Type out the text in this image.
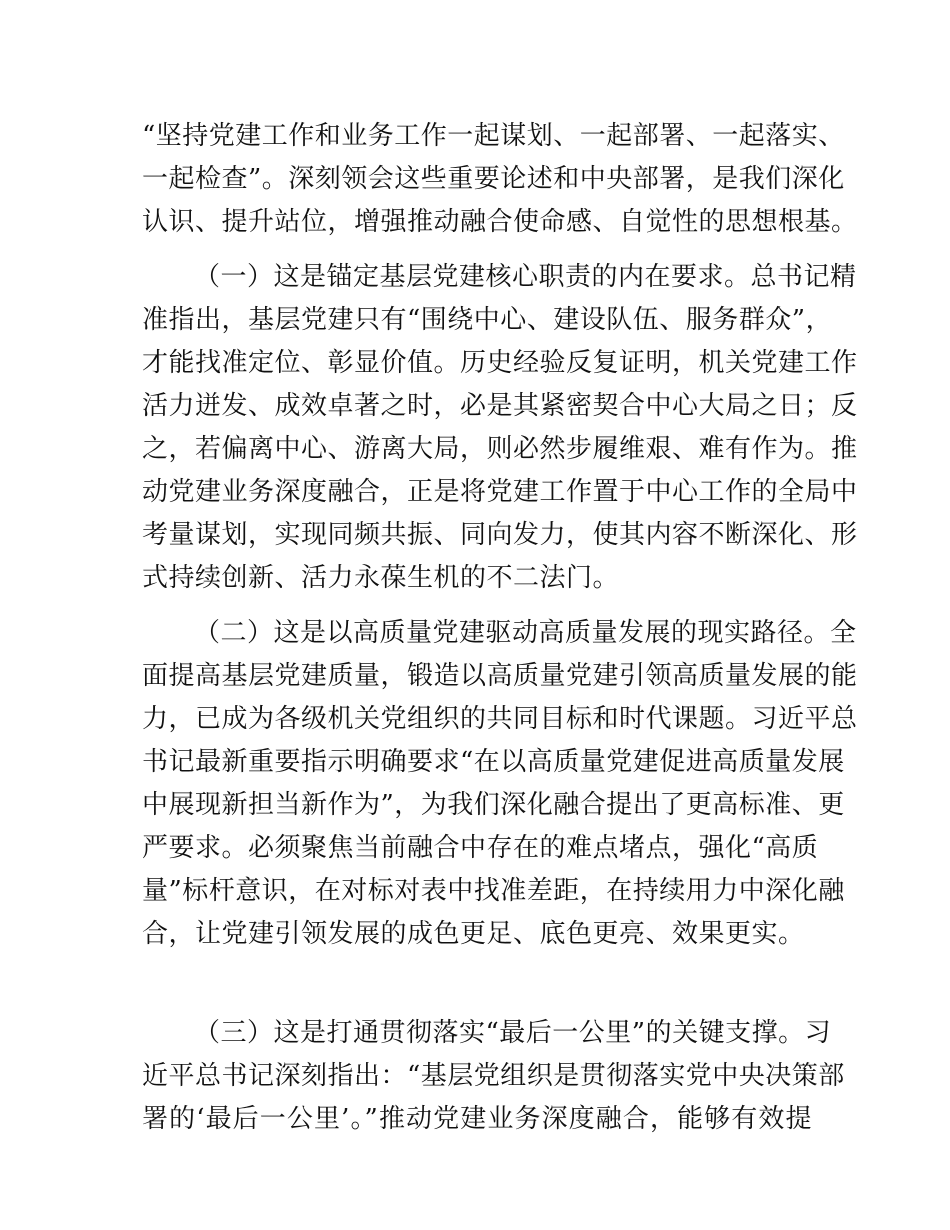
“坚持党建工作和业务工作一起谋划、一起部署、一起落实、
一起检查”。深刻领会这些重要论述和中央部署，是我们深化
认识、提升站位，增强推动融合使命感、自觉性的思想根基。
（一）这是锚定基层党建核心职责的内在要求。总书记精
准指出，基层党建只有“围绕中心、建设队伍、服务群众”，
才能找准定位、彰显价值。历史经验反复证明，机关党建工作
活力迸发、成效卓著之时，必是其紧密契合中心大局之日；反
之，若偏离中心、游离大局，则必然步履维艰、难有作为。推
动党建业务深度融合，正是将党建工作置于中心工作的全局中
考量谋划，实现同频共振、同向发力，使其内容不断深化、形
式持续创新、活力永葆生机的不二法门。
（二）这是以高质量党建驱动高质量发展的现实路径。全
面提高基层党建质量，锻造以高质量党建引领高质量发展的能
力，已成为各级机关党组织的共同目标和时代课题。习近平总
书记最新重要指示明确要求“在以高质量党建促进高质量发展
中展现新担当新作为”，为我们深化融合提出了更高标准、更
严要求。必须聚焦当前融合中存在的难点堵点，强化“高质
量”标杆意识，在对标对表中找准差距，在持续用力中深化融
合，让党建引领发展的成色更足、底色更亮、效果更实。
（三）这是打通贯彻落实“最后一公里”的关键支撑。习
近平总书记深刻指出：“基层党组织是贯彻落实党中央决策部
署的‘最后一公里’。”推动党建业务深度融合，能够有效提
